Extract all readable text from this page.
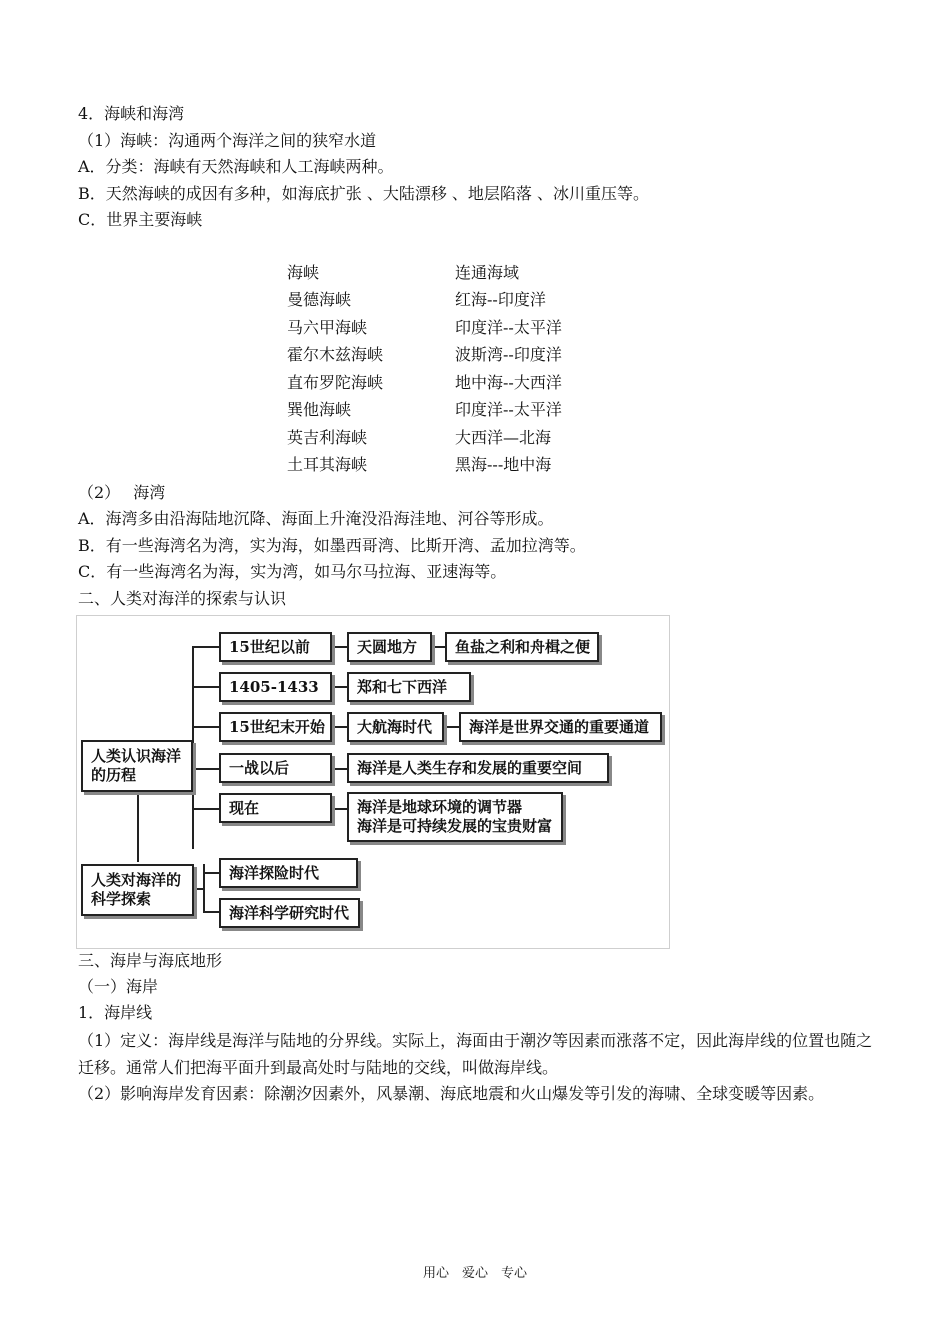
4．海峡和海湾
（1）海峡：沟通两个海洋之间的狭窄水道
A．分类：海峡有天然海峡和人工海峡两种。
B．天然海峡的成因有多种，如海底扩张 、大陆漂移 、地层陷落 、冰川重压等。
C．世界主要海峡
海峡	连通海域
曼德海峡	红海--印度洋
马六甲海峡	印度洋--太平洋
霍尔木兹海峡	波斯湾--印度洋
直布罗陀海峡	地中海--大西洋
巽他海峡	印度洋--太平洋
英吉利海峡	大西洋—北海
土耳其海峡	黑海---地中海
（2）　 海湾
A．海湾多由沿海陆地沉降、海面上升淹没沿海洼地、河谷等形成。
B．有一些海湾名为湾，实为海，如墨西哥湾、比斯开湾、孟加拉湾等。
C．有一些海湾名为海，实为湾，如马尔马拉海、亚速海等。
二、人类对海洋的探索与认识
人类认识海洋
的历程
人类对海洋的
科学探索
15世纪以前	天圆地方	鱼盐之利和舟楫之便
1405-1433	郑和七下西洋
15世纪末开始	大航海时代	海洋是世界交通的重要通道
一战以后	海洋是人类生存和发展的重要空间
现在	海洋是地球环境的调节器
海洋是可持续发展的宝贵财富
海洋探险时代
海洋科学研究时代
三、海岸与海底地形
（一）海岸
1．海岸线
（1）定义：海岸线是海洋与陆地的分界线。实际上，海面由于潮汐等因素而涨落不定，因此海岸线的位置也随之迁移。通常人们把海平面升到最高处时与陆地的交线，叫做海岸线。
（2）影响海岸发育因素：除潮汐因素外，风暴潮、海底地震和火山爆发等引发的海啸、全球变暖等因素。
用心　爱心　专心
